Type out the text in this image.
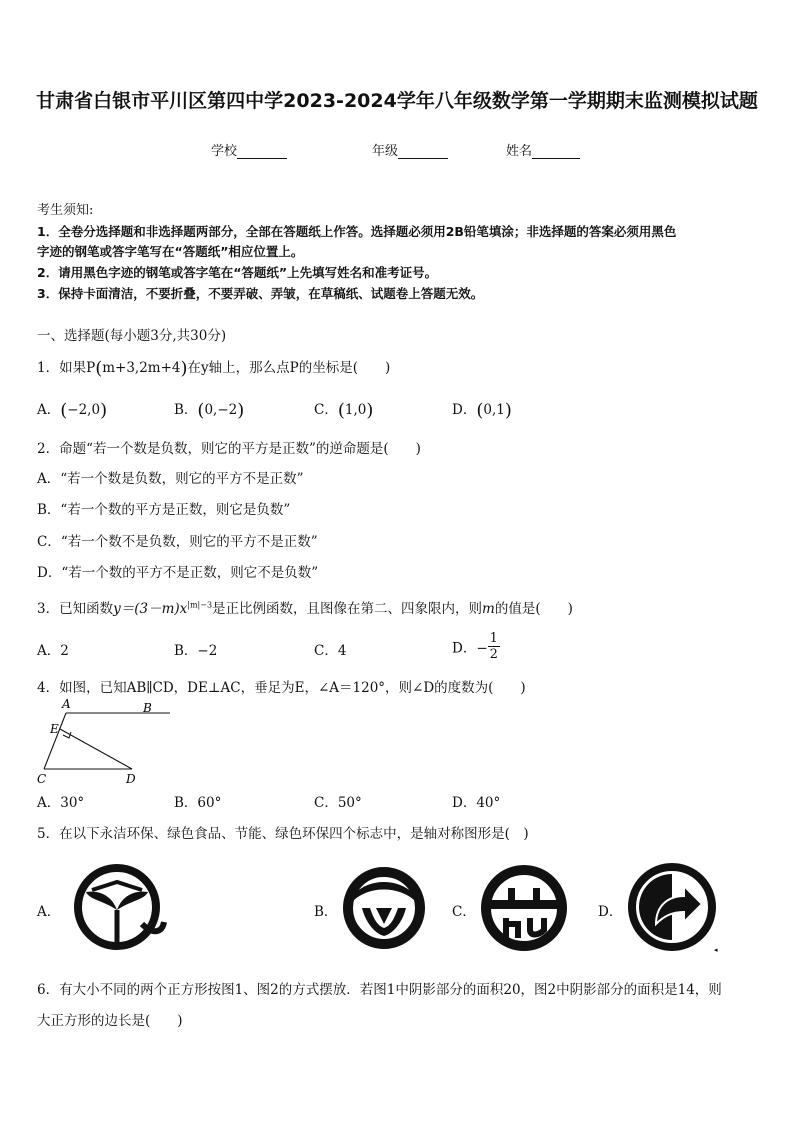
甘肃省白银市平川区第四中学2023-2024学年八年级数学第一学期期末监测模拟试题
学校	年级	姓名
考生须知:
1．全卷分选择题和非选择题两部分，全部在答题纸上作答。选择题必须用2B铅笔填涂；非选择题的答案必须用黑色
字迹的钢笔或答字笔写在“答题纸”相应位置上。
2．请用黑色字迹的钢笔或答字笔在“答题纸”上先填写姓名和准考证号。
3．保持卡面清洁，不要折叠，不要弄破、弄皱，在草稿纸、试题卷上答题无效。
一、选择题(每小题3分,共30分)
1．如果P(m+3,2m+4)在y轴上，那么点P的坐标是(　　)
A．(−2,0)	B．(0,−2)	C．(1,0)	D．(0,1)
2．命题“若一个数是负数，则它的平方是正数”的逆命题是(　　)
A．“若一个数是负数，则它的平方不是正数”
B．“若一个数的平方是正数，则它是负数”
C．“若一个数不是负数，则它的平方不是正数”
D．“若一个数的平方不是正数，则它不是负数”
3．已知函数$y=(3-m)x^{|m|-3}$是正比例函数，且图像在第二、四象限内，则m的值是(　　)
A．2	B．−2	C．4	D．− $\frac{1}{2}$
4．如图，已知AB∥CD，DE⊥AC，垂足为E，∠A＝120°，则∠D的度数为(　　)
A	B
C	D
E
A．30°	B．60°	C．50°	D．40°
5．在以下永洁环保、绿色食品、节能、绿色环保四个标志中，是轴对称图形是(　)
A．	B．	C．	D．
◂
6．有大小不同的两个正方形按图1、图2的方式摆放．若图1中阴影部分的面积20，图2中阴影部分的面积是14，则
大正方形的边长是(　　)
